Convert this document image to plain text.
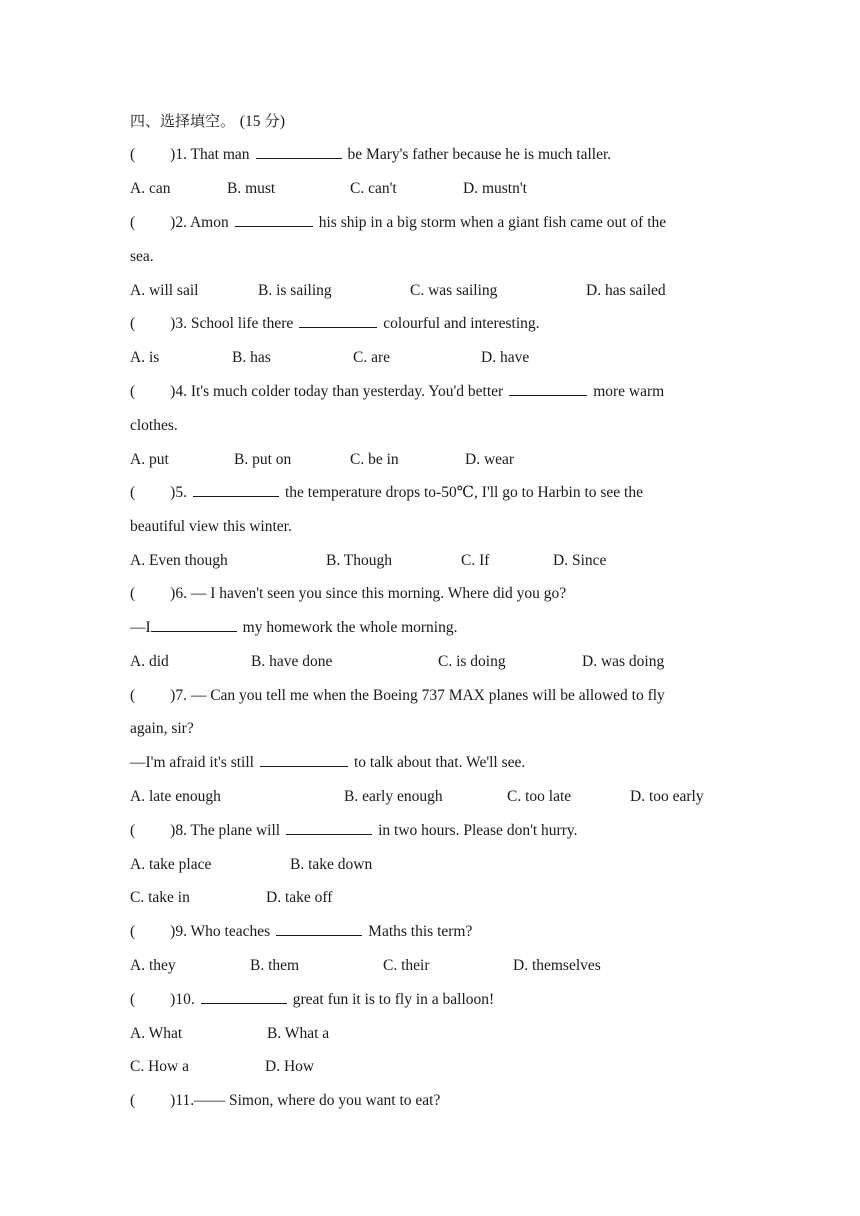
四、选择填空。 (15 分)
( )1. That man	be Mary's father because he is much taller.
A. can	B. must	C. can't	D. mustn't
( )2. Amon	his ship in a big storm when a giant fish came out of the
sea.
A. will sail	B. is sailing	C. was sailing	D. has sailed
( )3. School life there	colourful and interesting.
A. is	B. has	C. are	D. have
( )4. It's much colder today than yesterday. You'd better	more warm
clothes.
A. put	B. put on	C. be in	D. wear
( )5.	the temperature drops to-50℃, I'll go to Harbin to see the
beautiful view this winter.
A. Even though	B. Though	C. If	D. Since
( )6. — I haven't seen you since this morning. Where did you go?
—I	my homework the whole morning.
A. did	B. have done	C. is doing	D. was doing
( )7. — Can you tell me when the Boeing 737 MAX planes will be allowed to fly
again, sir?
—I'm afraid it's still	to talk about that. We'll see.
A. late enough	B. early enough	C. too late	D. too early
( )8. The plane will	in two hours. Please don't hurry.
A. take place	B. take down
C. take in	D. take off
( )9. Who teaches	Maths this term?
A. they	B. them	C. their	D. themselves
( )10.	great fun it is to fly in a balloon!
A. What	B. What a
C. How a	D. How
( )11.—— Simon, where do you want to eat?
